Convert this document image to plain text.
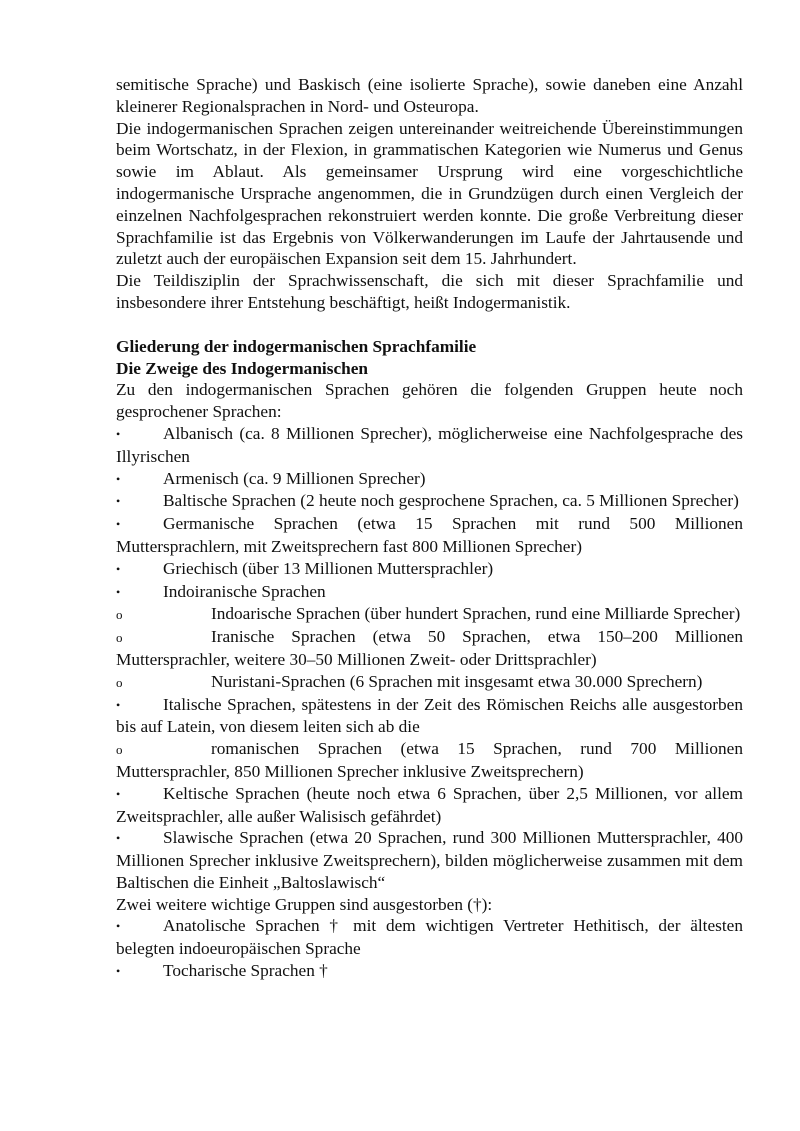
semitische Sprache) und Baskisch (eine isolierte Sprache), sowie daneben eine Anzahl kleinerer Regionalsprachen in Nord- und Osteuropa.

Die indogermanischen Sprachen zeigen untereinander weitreichende Übereinstimmungen beim Wortschatz, in der Flexion, in grammatischen Kategorien wie Numerus und Genus sowie im Ablaut. Als gemeinsamer Ursprung wird eine vorgeschichtliche indogermanische Ursprache angenommen, die in Grundzügen durch einen Vergleich der einzelnen Nachfolgesprachen rekonstruiert werden konnte. Die große Verbreitung dieser Sprachfamilie ist das Ergebnis von Völkerwanderungen im Laufe der Jahrtausende und zuletzt auch der europäischen Expansion seit dem 15. Jahrhundert.

Die Teildisziplin der Sprachwissenschaft, die sich mit dieser Sprachfamilie und insbesondere ihrer Entstehung beschäftigt, heißt Indogermanistik.

Gliederung der indogermanischen Sprachfamilie

Die Zweige des Indogermanischen

Zu den indogermanischen Sprachen gehören die folgenden Gruppen heute noch gesprochener Sprachen:

• Albanisch (ca. 8 Millionen Sprecher), möglicherweise eine Nachfolgesprache des Illyrischen

• Armenisch (ca. 9 Millionen Sprecher)

• Baltische Sprachen (2 heute noch gesprochene Sprachen, ca. 5 Millionen Sprecher)

• Germanische Sprachen (etwa 15 Sprachen mit rund 500 Millionen Muttersprachlern, mit Zweitsprechern fast 800 Millionen Sprecher)

• Griechisch (über 13 Millionen Muttersprachler)

• Indoiranische Sprachen

o	Indoarische Sprachen (über hundert Sprachen, rund eine Milliarde Sprecher)

o	Iranische Sprachen (etwa 50 Sprachen, etwa 150–200 Millionen Muttersprachler, weitere 30–50 Millionen Zweit- oder Drittsprachler)

o	Nuristani-Sprachen (6 Sprachen mit insgesamt etwa 30.000 Sprechern)

• Italische Sprachen, spätestens in der Zeit des Römischen Reichs alle ausgestorben bis auf Latein, von diesem leiten sich ab die

o	romanischen Sprachen (etwa 15 Sprachen, rund 700 Millionen Muttersprachler, 850 Millionen Sprecher inklusive Zweitsprechern)

• Keltische Sprachen (heute noch etwa 6 Sprachen, über 2,5 Millionen, vor allem Zweitsprachler, alle außer Walisisch gefährdet)

• Slawische Sprachen (etwa 20 Sprachen, rund 300 Millionen Muttersprachler, 400 Millionen Sprecher inklusive Zweitsprechern), bilden möglicherweise zusammen mit dem Baltischen die Einheit „Baltoslawisch“

Zwei weitere wichtige Gruppen sind ausgestorben (†):

• Anatolische Sprachen † mit dem wichtigen Vertreter Hethitisch, der ältesten belegten indoeuropäischen Sprache

• Tocharische Sprachen †
